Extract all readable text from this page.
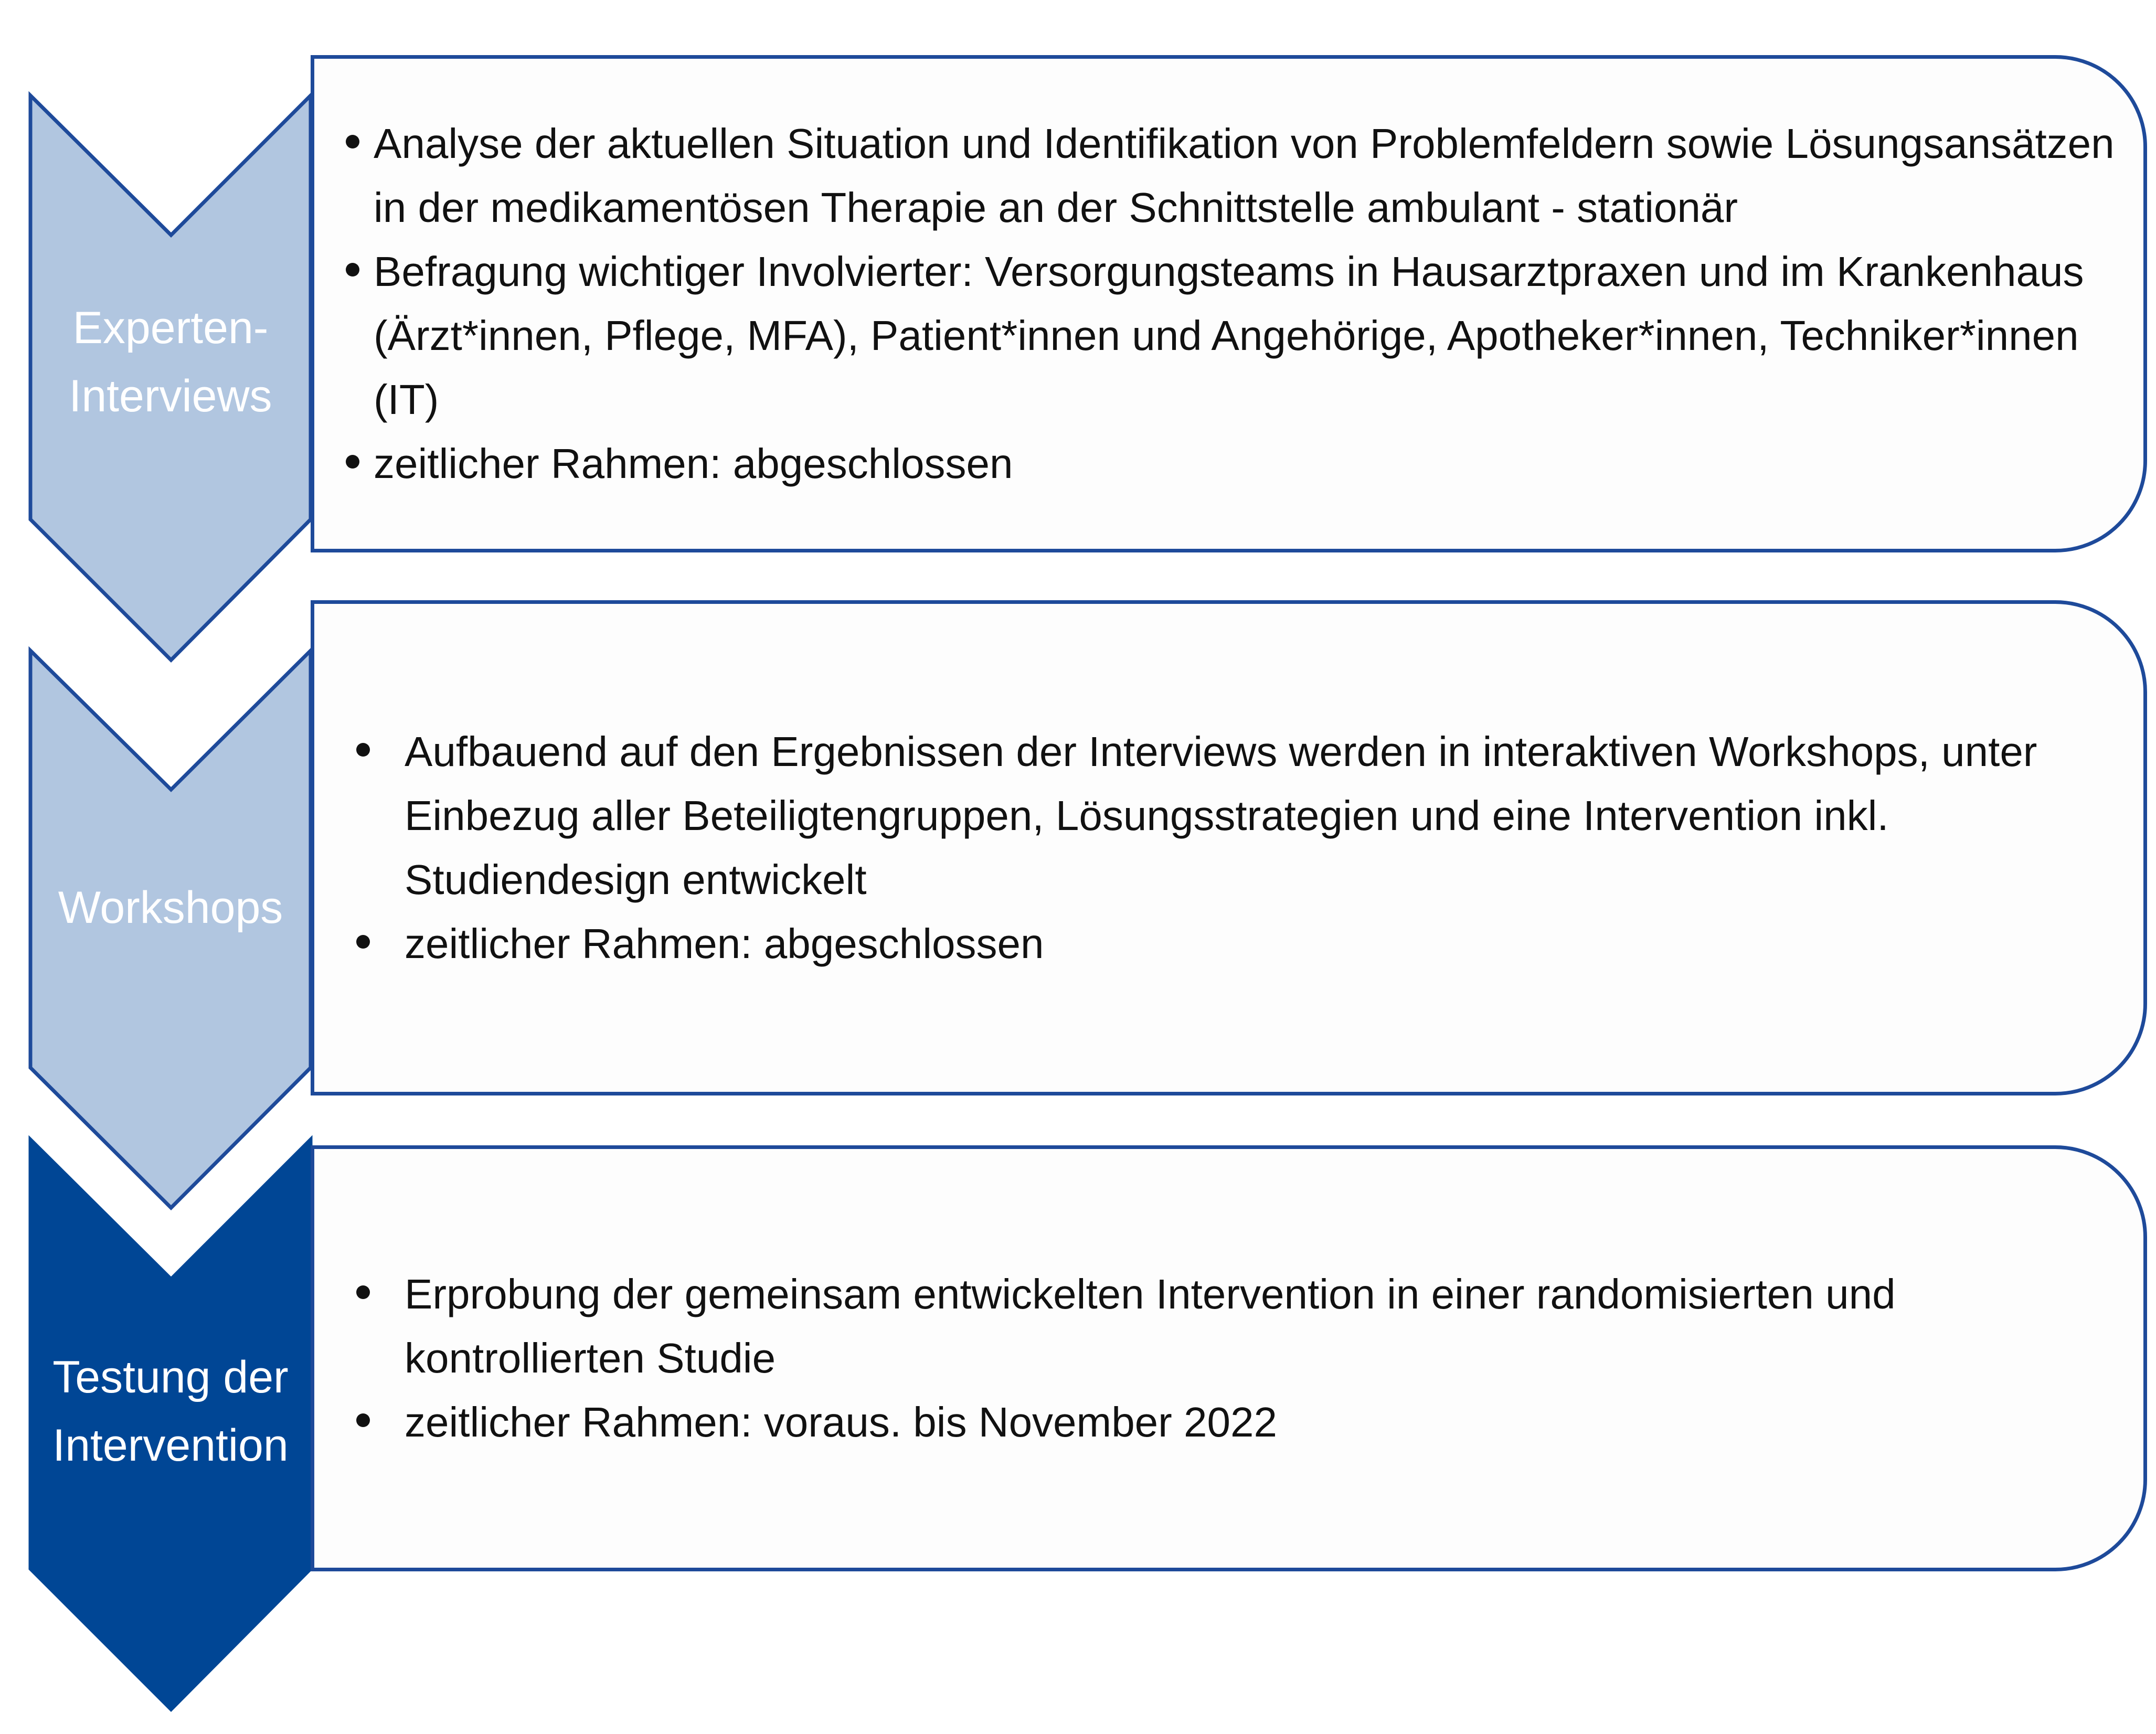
Experten-
Interviews
Workshops
Testung der
Intervention
Analyse der aktuellen Situation und Identifikation von Problemfeldern sowie Lösungsansätzen in der medikamentösen Therapie an der Schnittstelle ambulant - stationär
Befragung wichtiger Involvierter: Versorgungsteams in Hausarztpraxen und im Krankenhaus (Ärzt*innen, Pflege, MFA), Patient*innen und Angehörige, Apotheker*innen, Techniker*innen (IT)
zeitlicher Rahmen: abgeschlossen
Aufbauend auf den Ergebnissen der Interviews werden in interaktiven Workshops, unter Einbezug aller Beteiligtengruppen, Lösungsstrategien und eine Intervention inkl. Studiendesign entwickelt
zeitlicher Rahmen: abgeschlossen
Erprobung der gemeinsam entwickelten Intervention in einer randomisierten und kontrollierten Studie
zeitlicher Rahmen: voraus. bis November 2022
